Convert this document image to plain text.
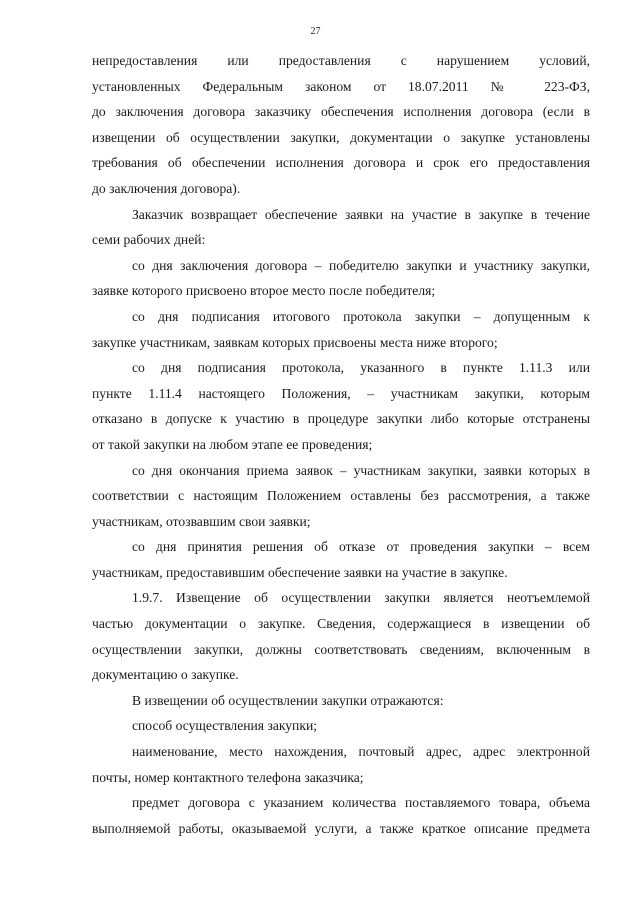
27
непредоставления или предоставления с нарушением условий,
установленных Федеральным законом от 18.07.2011 № 223-ФЗ,
до заключения договора заказчику обеспечения исполнения договора (если в
извещении об осуществлении закупки, документации о закупке установлены
требования об обеспечении исполнения договора и срок его предоставления
до заключения договора).
Заказчик возвращает обеспечение заявки на участие в закупке в течение
семи рабочих дней:
со дня заключения договора – победителю закупки и участнику закупки,
заявке которого присвоено второе место после победителя;
со дня подписания итогового протокола закупки – допущенным к
закупке участникам, заявкам которых присвоены места ниже второго;
со дня подписания протокола, указанного в пункте 1.11.3 или
пункте 1.11.4 настоящего Положения, – участникам закупки, которым
отказано в допуске к участию в процедуре закупки либо которые отстранены
от такой закупки на любом этапе ее проведения;
со дня окончания приема заявок – участникам закупки, заявки которых в
соответствии с настоящим Положением оставлены без рассмотрения, а также
участникам, отозвавшим свои заявки;
со дня принятия решения об отказе от проведения закупки – всем
участникам, предоставившим обеспечение заявки на участие в закупке.
1.9.7. Извещение об осуществлении закупки является неотъемлемой
частью документации о закупке. Сведения, содержащиеся в извещении об
осуществлении закупки, должны соответствовать сведениям, включенным в
документацию о закупке.
В извещении об осуществлении закупки отражаются:
способ осуществления закупки;
наименование, место нахождения, почтовый адрес, адрес электронной
почты, номер контактного телефона заказчика;
предмет договора с указанием количества поставляемого товара, объема
выполняемой работы, оказываемой услуги, а также краткое описание предмета
